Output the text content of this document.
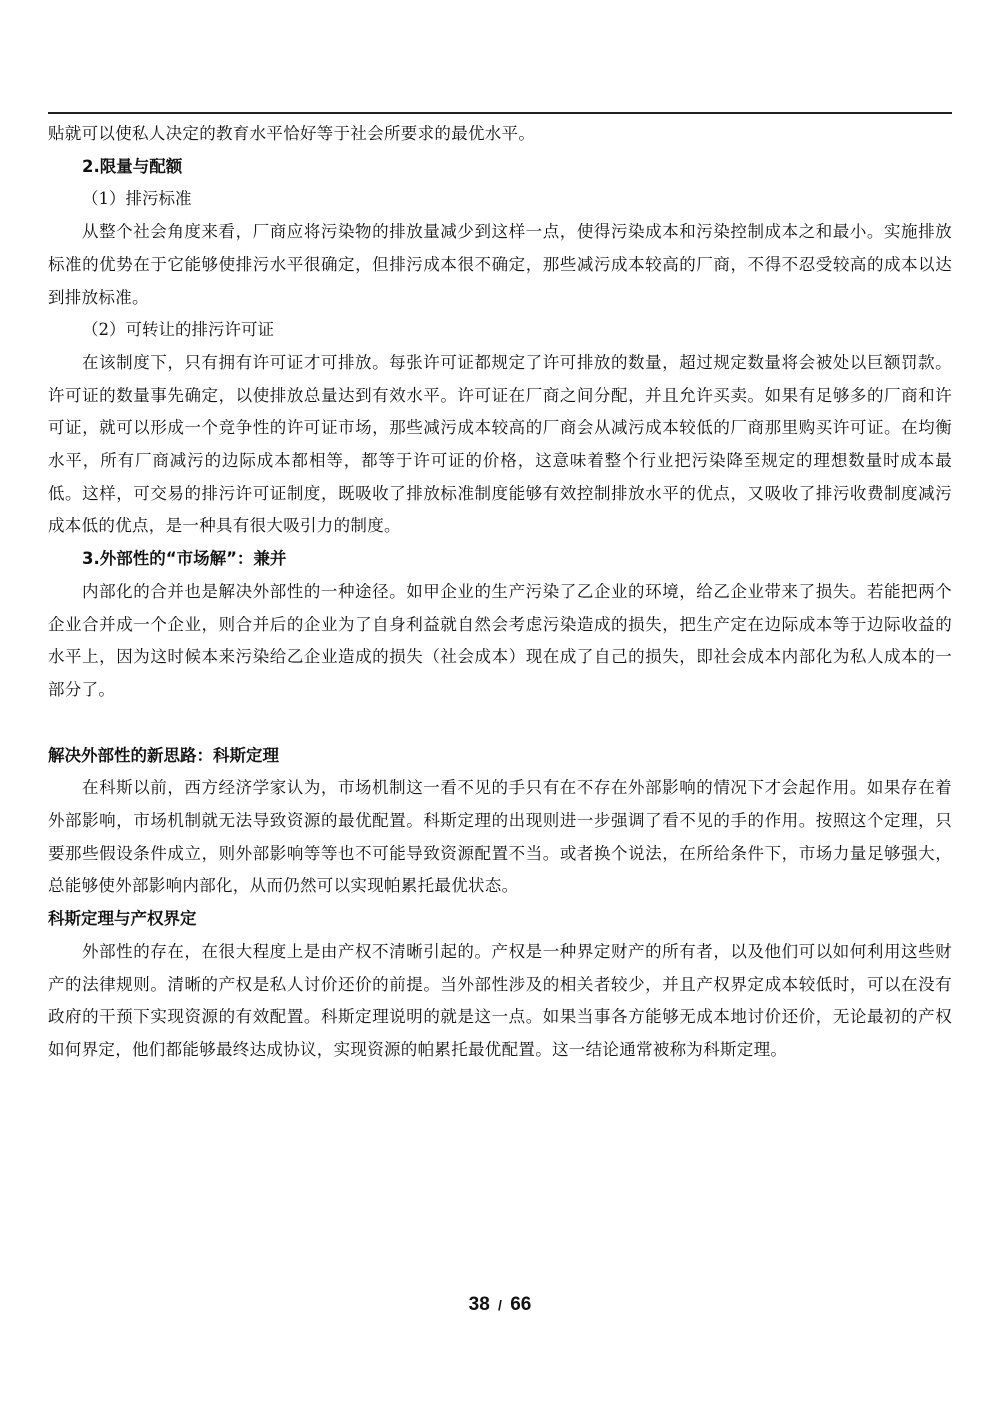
贴就可以使私人决定的教育水平恰好等于社会所要求的最优水平。

2.限量与配额

（1）排污标准

从整个社会角度来看，厂商应将污染物的排放量减少到这样一点，使得污染成本和污染控制成本之和最小。实施排放标准的优势在于它能够使排污水平很确定，但排污成本很不确定，那些减污成本较高的厂商，不得不忍受较高的成本以达到排放标准。

（2）可转让的排污许可证

在该制度下，只有拥有许可证才可排放。每张许可证都规定了许可排放的数量，超过规定数量将会被处以巨额罚款。许可证的数量事先确定，以使排放总量达到有效水平。许可证在厂商之间分配，并且允许买卖。如果有足够多的厂商和许可证，就可以形成一个竞争性的许可证市场，那些减污成本较高的厂商会从减污成本较低的厂商那里购买许可证。在均衡水平，所有厂商减污的边际成本都相等，都等于许可证的价格，这意味着整个行业把污染降至规定的理想数量时成本最低。这样，可交易的排污许可证制度，既吸收了排放标准制度能够有效控制排放水平的优点，又吸收了排污收费制度减污成本低的优点，是一种具有很大吸引力的制度。

3.外部性的“市场解”：兼并

内部化的合并也是解决外部性的一种途径。如甲企业的生产污染了乙企业的环境，给乙企业带来了损失。若能把两个企业合并成一个企业，则合并后的企业为了自身利益就自然会考虑污染造成的损失，把生产定在边际成本等于边际收益的水平上，因为这时候本来污染给乙企业造成的损失（社会成本）现在成了自己的损失，即社会成本内部化为私人成本的一部分了。

解决外部性的新思路：科斯定理

在科斯以前，西方经济学家认为，市场机制这一看不见的手只有在不存在外部影响的情况下才会起作用。如果存在着外部影响，市场机制就无法导致资源的最优配置。科斯定理的出现则进一步强调了看不见的手的作用。按照这个定理，只要那些假设条件成立，则外部影响等等也不可能导致资源配置不当。或者换个说法，在所给条件下，市场力量足够强大，总能够使外部影响内部化，从而仍然可以实现帕累托最优状态。

科斯定理与产权界定

外部性的存在，在很大程度上是由产权不清晰引起的。产权是一种界定财产的所有者，以及他们可以如何利用这些财产的法律规则。清晰的产权是私人讨价还价的前提。当外部性涉及的相关者较少，并且产权界定成本较低时，可以在没有政府的干预下实现资源的有效配置。科斯定理说明的就是这一点。如果当事各方能够无成本地讨价还价，无论最初的产权如何界定，他们都能够最终达成协议，实现资源的帕累托最优配置。这一结论通常被称为科斯定理。

38 / 66
